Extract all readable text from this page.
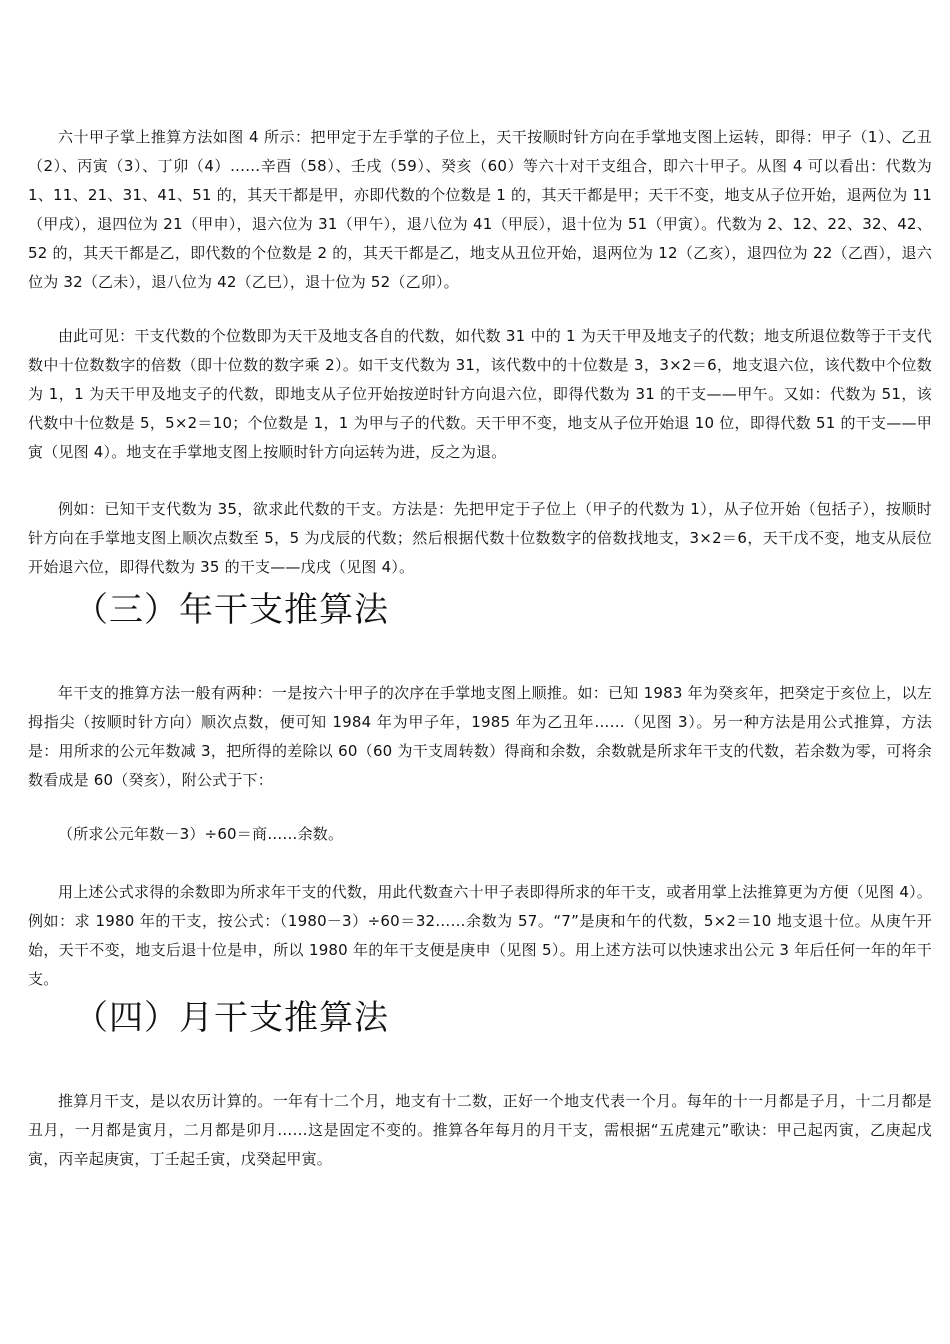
六十甲子掌上推算方法如图 4 所示：把甲定于左手掌的子位上，天干按顺时针方向在手掌地支图上运转，即得：甲子（1）、乙丑（2）、丙寅（3）、丁卯（4）……辛酉（58）、壬戌（59）、癸亥（60）等六十对干支组合，即六十甲子。从图 4 可以看出：代数为 1、11、21、31、41、51 的，其天干都是甲，亦即代数的个位数是 1 的，其天干都是甲；天干不变，地支从子位开始，退两位为 11（甲戌），退四位为 21（甲申），退六位为 31（甲午），退八位为 41（甲辰），退十位为 51（甲寅）。代数为 2、12、22、32、42、52 的，其天干都是乙，即代数的个位数是 2 的，其天干都是乙，地支从丑位开始，退两位为 12（乙亥），退四位为 22（乙酉），退六位为 32（乙未），退八位为 42（乙巳），退十位为 52（乙卯）。

由此可见：干支代数的个位数即为天干及地支各自的代数，如代数 31 中的 1 为天干甲及地支子的代数；地支所退位数等于干支代数中十位数数字的倍数（即十位数的数字乘 2）。如干支代数为 31，该代数中的十位数是 3，3×2＝6，地支退六位，该代数中个位数为 1，1 为天干甲及地支子的代数，即地支从子位开始按逆时针方向退六位，即得代数为 31 的干支——甲午。又如：代数为 51，该代数中十位数是 5，5×2＝10；个位数是 1，1 为甲与子的代数。天干甲不变，地支从子位开始退 10 位，即得代数 51 的干支——甲寅（见图 4）。地支在手掌地支图上按顺时针方向运转为进，反之为退。

例如：已知干支代数为 35，欲求此代数的干支。方法是：先把甲定于子位上（甲子的代数为 1），从子位开始（包括子），按顺时针方向在手掌地支图上顺次点数至 5，5 为戊辰的代数；然后根据代数十位数数字的倍数找地支，3×2＝6，天干戊不变，地支从辰位开始退六位，即得代数为 35 的干支——戊戌（见图 4）。

（三）年干支推算法

年干支的推算方法一般有两种：一是按六十甲子的次序在手掌地支图上顺推。如：已知 1983 年为癸亥年，把癸定于亥位上，以左拇指尖（按顺时针方向）顺次点数，便可知 1984 年为甲子年，1985 年为乙丑年……（见图 3）。另一种方法是用公式推算，方法是：用所求的公元年数减 3，把所得的差除以 60（60 为干支周转数）得商和余数，余数就是所求年干支的代数，若余数为零，可将余数看成是 60（癸亥），附公式于下：

（所求公元年数－3）÷60＝商……余数。

用上述公式求得的余数即为所求年干支的代数，用此代数查六十甲子表即得所求的年干支，或者用掌上法推算更为方便（见图 4）。例如：求 1980 年的干支，按公式：（1980－3）÷60＝32……余数为 57。“7”是庚和午的代数，5×2＝10 地支退十位。从庚午开始，天干不变，地支后退十位是申，所以 1980 年的年干支便是庚申（见图 5）。用上述方法可以快速求出公元 3 年后任何一年的年干支。

（四）月干支推算法

推算月干支，是以农历计算的。一年有十二个月，地支有十二数，正好一个地支代表一个月。每年的十一月都是子月，十二月都是丑月，一月都是寅月，二月都是卯月……这是固定不变的。推算各年每月的月干支，需根据“五虎建元”歌诀：甲己起丙寅，乙庚起戊寅，丙辛起庚寅，丁壬起壬寅，戊癸起甲寅。
